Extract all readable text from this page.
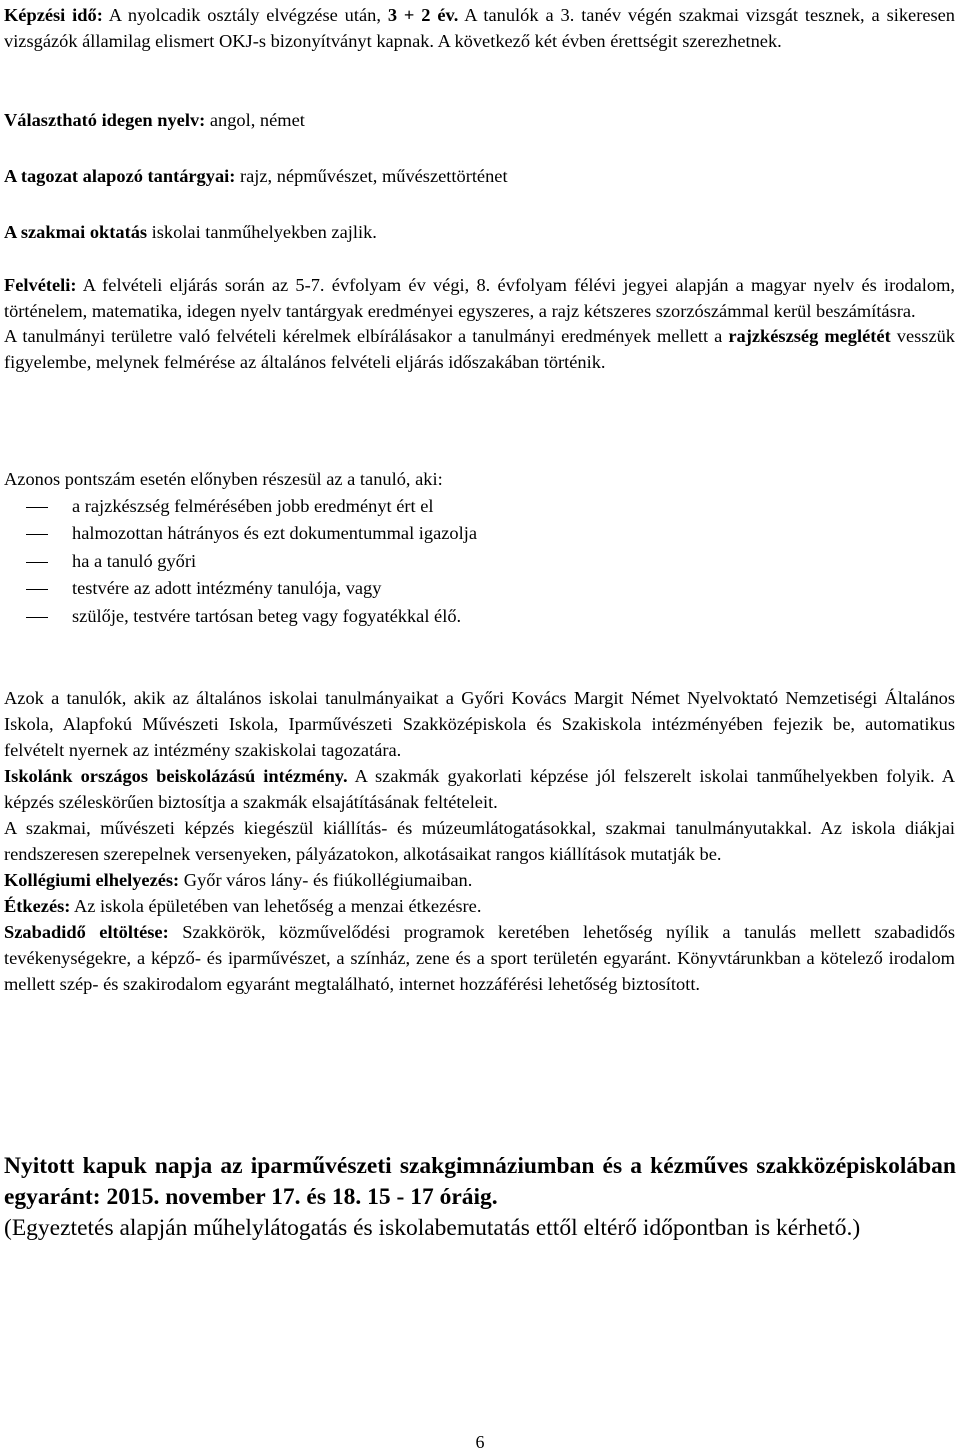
Képzési idő: A nyolcadik osztály elvégzése után, 3 + 2 év. A tanulók a 3. tanév végén szakmai vizsgát tesznek, a sikeresen vizsgázók államilag elismert OKJ-s bizonyítványt kapnak. A következő két évben érettségit szerezhetnek.

Választható idegen nyelv: angol, német

A tagozat alapozó tantárgyai: rajz, népművészet, művészettörténet

A szakmai oktatás iskolai tanműhelyekben zajlik.

Felvételi: A felvételi eljárás során az 5-7. évfolyam év végi, 8. évfolyam félévi jegyei alapján a magyar nyelv és irodalom, történelem, matematika, idegen nyelv tantárgyak eredményei egyszeres, a rajz kétszeres szorzószámmal kerül beszámításra.

A tanulmányi területre való felvételi kérelmek elbírálásakor a tanulmányi eredmények mellett a rajzkészség meglétét vesszük figyelembe, melynek felmérése az általános felvételi eljárás időszakában történik.

Azonos pontszám esetén előnyben részesül az a tanuló, aki:

a rajzkészség felmérésében jobb eredményt ért el
halmozottan hátrányos és ezt dokumentummal igazolja
ha a tanuló győri
testvére az adott intézmény tanulója, vagy
szülője, testvére tartósan beteg vagy fogyatékkal élő.

Azok a tanulók, akik az általános iskolai tanulmányaikat a Győri Kovács Margit Német Nyelvoktató Nemzetiségi Általános Iskola, Alapfokú Művészeti Iskola, Iparművészeti Szakközépiskola és Szakiskola intézményében fejezik be, automatikus felvételt nyernek az intézmény szakiskolai tagozatára.

Iskolánk országos beiskolázású intézmény. A szakmák gyakorlati képzése jól felszerelt iskolai tanműhelyekben folyik. A képzés széleskörűen biztosítja a szakmák elsajátításának feltételeit.

A szakmai, művészeti képzés kiegészül kiállítás- és múzeumlátogatásokkal, szakmai tanulmányutakkal. Az iskola diákjai rendszeresen szerepelnek versenyeken, pályázatokon, alkotásaikat rangos kiállítások mutatják be.

Kollégiumi elhelyezés: Győr város lány- és fiúkollégiumaiban.

Étkezés: Az iskola épületében van lehetőség a menzai étkezésre.

Szabadidő eltöltése: Szakkörök, közművelődési programok keretében lehetőség nyílik a tanulás mellett szabadidős tevékenységekre, a képző- és iparművészet, a színház, zene és a sport területén egyaránt. Könyvtárunkban a kötelező irodalom mellett szép- és szakirodalom egyaránt megtalálható, internet hozzáférési lehetőség biztosított.

Nyitott kapuk napja az iparművészeti szakgimnáziumban és a kézműves szakközépiskolában egyaránt: 2015. november 17. és 18. 15 - 17 óráig.

(Egyeztetés alapján műhelylátogatás és iskolabemutatás ettől eltérő időpontban is kérhető.)

6
